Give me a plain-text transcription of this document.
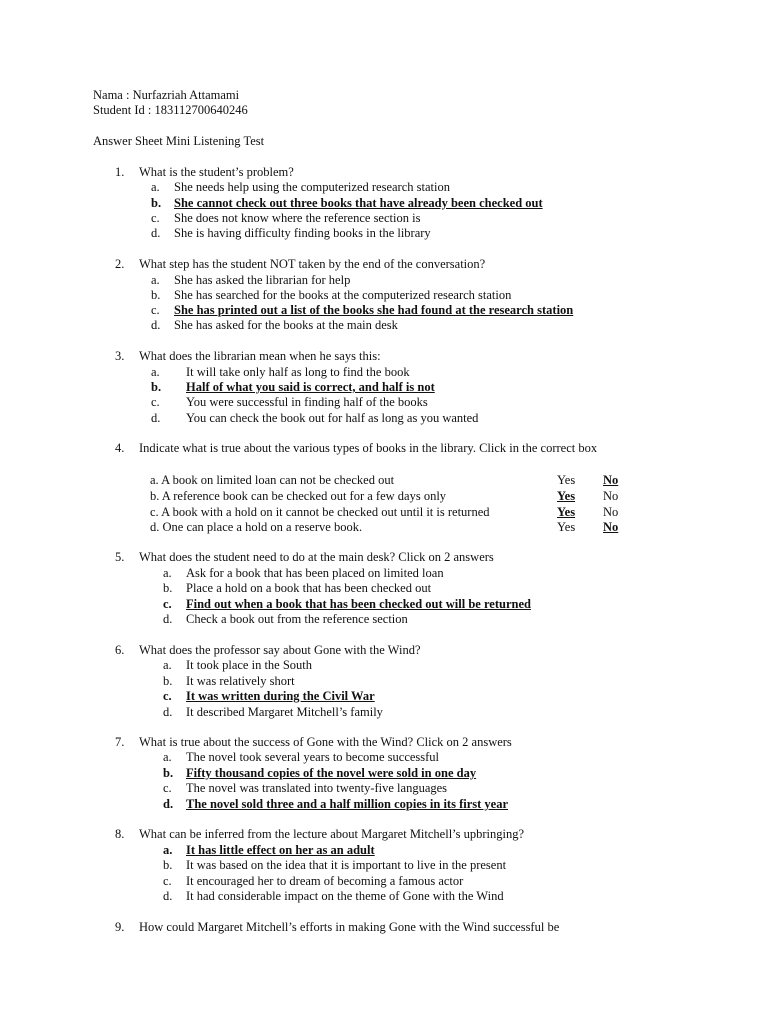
Nama : Nurfazriah Attamami
Student Id : 183112700640246
Answer Sheet Mini Listening Test
1. What is the student’s problem?
a. She needs help using the computerized research station
b. She cannot check out three books that have already been checked out
c. She does not know where the reference section is
d. She is having difficulty finding books in the library
2. What step has the student NOT taken by the end of the conversation?
a. She has asked the librarian for help
b. She has searched for the books at the computerized research station
c. She has printed out a list of the books she had found at the research station
d. She has asked for the books at the main desk
3. What does the librarian mean when he says this:
a. It will take only half as long to find the book
b. Half of what you said is correct, and half is not
c. You were successful in finding half of the books
d. You can check the book out for half as long as you wanted
4. Indicate what is true about the various types of books in the library. Click in the correct box
a. A book on limited loan can not be checked out	Yes No
b. A reference book can be checked out for a few days only	Yes No
c. A book with a hold on it cannot be checked out until it is returned	Yes No
d. One can place a hold on a reserve book.	Yes No
5. What does the student need to do at the main desk? Click on 2 answers
a. Ask for a book that has been placed on limited loan
b. Place a hold on a book that has been checked out
c. Find out when a book that has been checked out will be returned
d. Check a book out from the reference section
6. What does the professor say about Gone with the Wind?
a. It took place in the South
b. It was relatively short
c. It was written during the Civil War
d. It described Margaret Mitchell’s family
7. What is true about the success of Gone with the Wind? Click on 2 answers
a. The novel took several years to become successful
b. Fifty thousand copies of the novel were sold in one day
c. The novel was translated into twenty-five languages
d. The novel sold three and a half million copies in its first year
8. What can be inferred from the lecture about Margaret Mitchell’s upbringing?
a. It has little effect on her as an adult
b. It was based on the idea that it is important to live in the present
c. It encouraged her to dream of becoming a famous actor
d. It had considerable impact on the theme of Gone with the Wind
9. How could Margaret Mitchell’s efforts in making Gone with the Wind successful be
